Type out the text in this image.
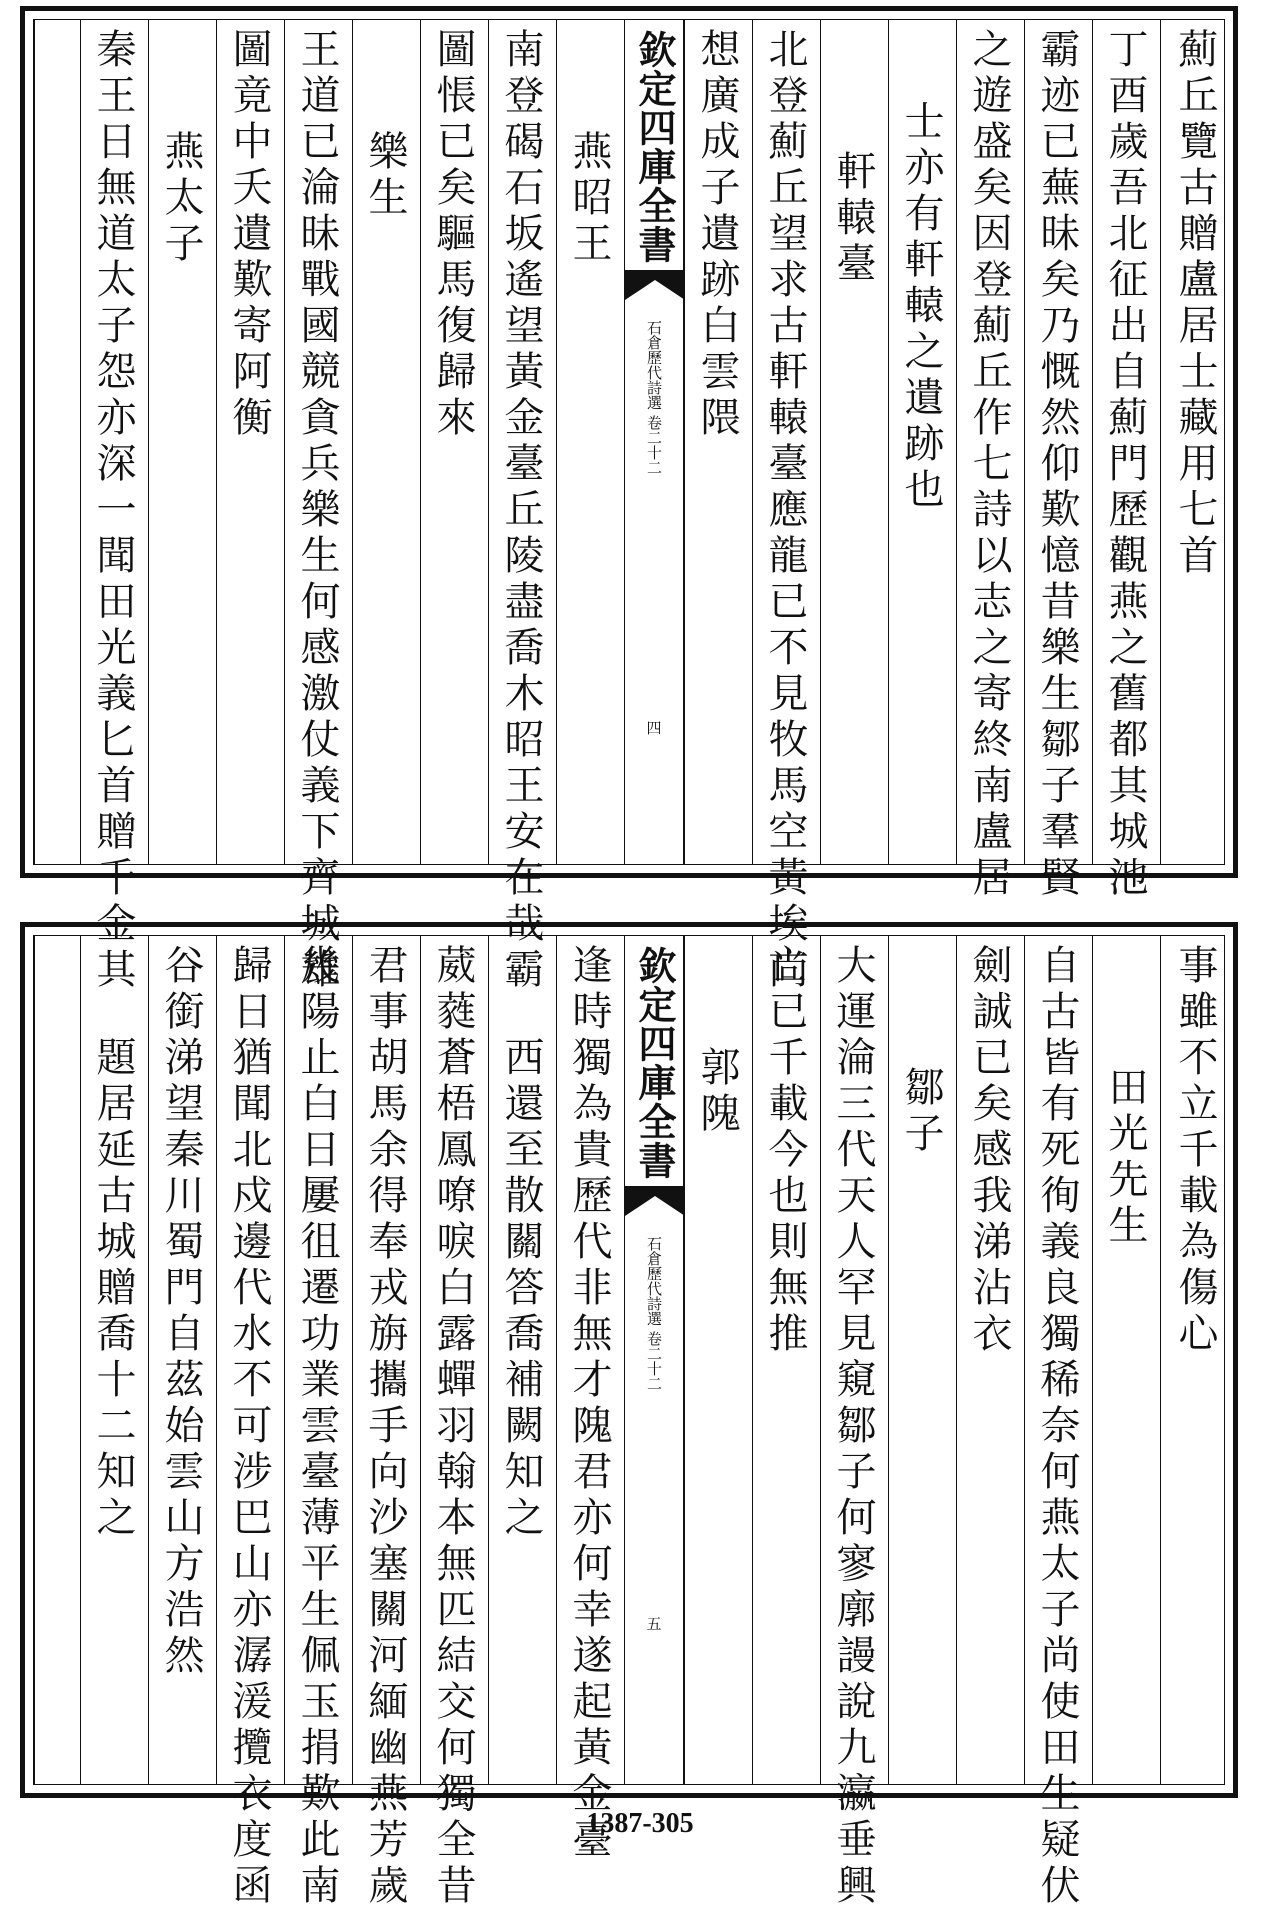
薊丘覽古贈盧居士藏用七首
丁酉歲吾北征出自薊門歷觀燕之舊都其城池
霸迹已蕪昧矣乃慨然仰歎憶昔樂生鄒子羣賢
之遊盛矣因登薊丘作七詩以志之寄終南盧居
士亦有軒轅之遺跡也
軒轅臺
北登薊丘望求古軒轅臺應龍已不見牧馬空黃埃尚
想廣成子遺跡白雲隈
欽定四庫全書
石倉歷代詩選 卷二十二
四
燕昭王
南登碣石坂遙望黃金臺丘陵盡喬木昭王安在哉霸
圖悵已矣驅馬復歸來
樂生
王道已淪昧戰國競貪兵樂生何感激仗義下齊城雄
圖竟中夭遺歎寄阿衡
燕太子
秦王日無道太子怨亦深一聞田光義匕首贈千金其
事雖不立千載為傷心
田光先生
自古皆有死徇義良獨稀奈何燕太子尚使田生疑伏
劍誠已矣感我涕沾衣
鄒子
大運淪三代天人罕見窺鄒子何寥廓謾說九瀛垂興
亡已千載今也則無推
郭隗
欽定四庫全書
石倉歷代詩選 卷二十二
五
逢時獨為貴歷代非無才隗君亦何幸遂起黃金臺
西還至散關答喬補闕知之
葳蕤蒼梧鳳嘹唳白露蟬羽翰本無匹結交何獨全昔
君事胡馬余得奉戎旃攜手向沙塞關河緬幽燕芳歲
幾陽止白日屢徂遷功業雲臺薄平生佩玉捐歎此南
歸日猶聞北戍邊代水不可涉巴山亦潺湲攬衣度函
谷銜涕望秦川蜀門自茲始雲山方浩然
題居延古城贈喬十二知之
1387-305
